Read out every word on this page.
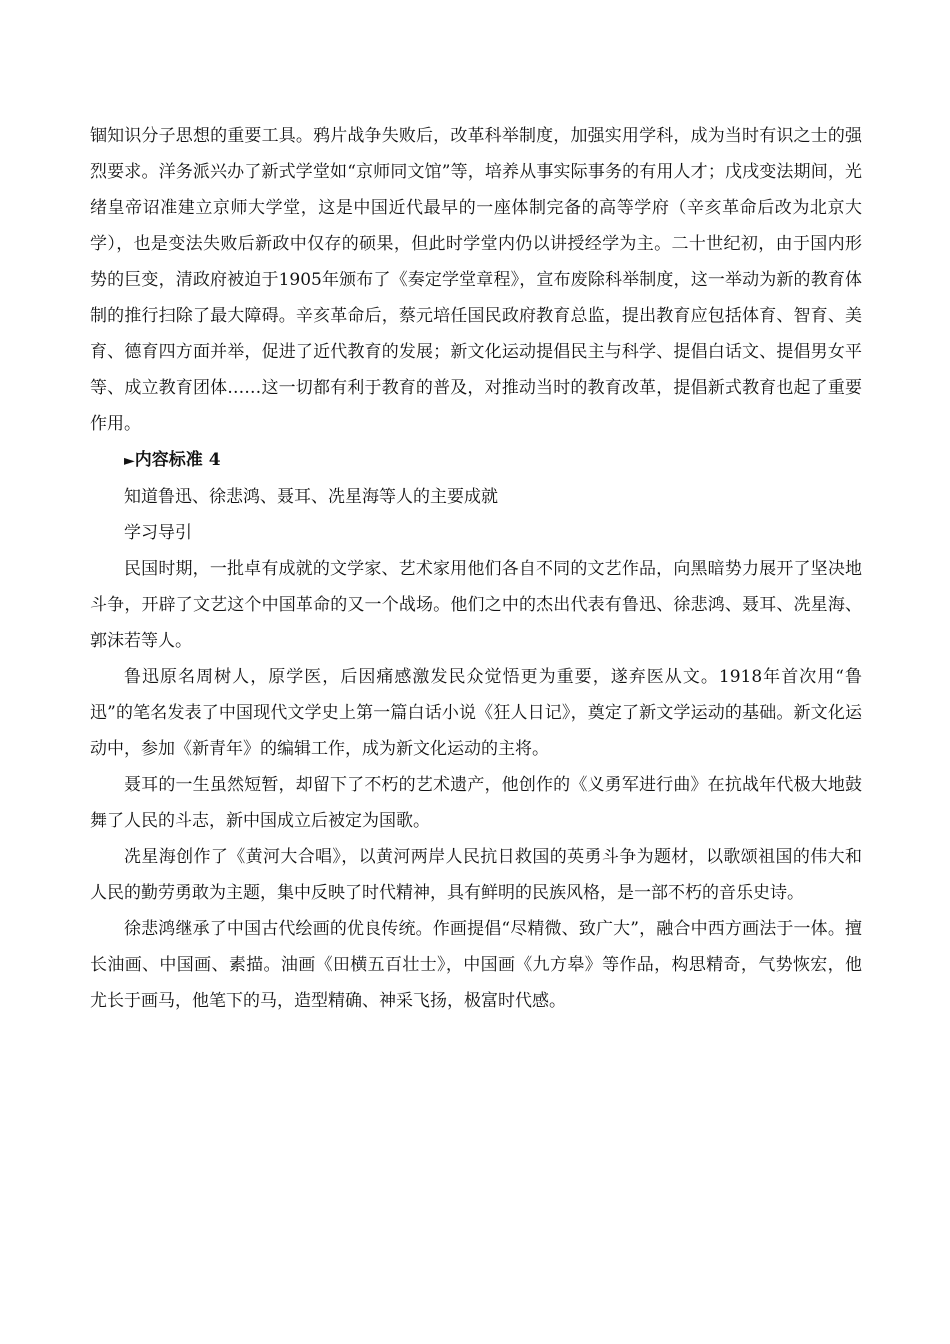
锢知识分子思想的重要工具。鸦片战争失败后，改革科举制度，加强实用学科，成为当时有识之士的强烈要求。洋务派兴办了新式学堂如“京师同文馆”等，培养从事实际事务的有用人才；戊戌变法期间，光绪皇帝诏准建立京师大学堂，这是中国近代最早的一座体制完备的高等学府（辛亥革命后改为北京大学），也是变法失败后新政中仅存的硕果，但此时学堂内仍以讲授经学为主。二十世纪初，由于国内形势的巨变，清政府被迫于1905年颁布了《奏定学堂章程》，宣布废除科举制度，这一举动为新的教育体制的推行扫除了最大障碍。辛亥革命后，蔡元培任国民政府教育总监，提出教育应包括体育、智育、美育、德育四方面并举，促进了近代教育的发展；新文化运动提倡民主与科学、提倡白话文、提倡男女平等、成立教育团体……这一切都有利于教育的普及，对推动当时的教育改革，提倡新式教育也起了重要作用。

►内容标准 4

知道鲁迅、徐悲鸿、聂耳、冼星海等人的主要成就

学习导引

民国时期，一批卓有成就的文学家、艺术家用他们各自不同的文艺作品，向黑暗势力展开了坚决地斗争，开辟了文艺这个中国革命的又一个战场。他们之中的杰出代表有鲁迅、徐悲鸿、聂耳、冼星海、郭沫若等人。

鲁迅原名周树人，原学医，后因痛感激发民众觉悟更为重要，遂弃医从文。1918年首次用“鲁迅”的笔名发表了中国现代文学史上第一篇白话小说《狂人日记》，奠定了新文学运动的基础。新文化运动中，参加《新青年》的编辑工作，成为新文化运动的主将。

聂耳的一生虽然短暂，却留下了不朽的艺术遗产，他创作的《义勇军进行曲》在抗战年代极大地鼓舞了人民的斗志，新中国成立后被定为国歌。

冼星海创作了《黄河大合唱》，以黄河两岸人民抗日救国的英勇斗争为题材，以歌颂祖国的伟大和人民的勤劳勇敢为主题，集中反映了时代精神，具有鲜明的民族风格，是一部不朽的音乐史诗。

徐悲鸿继承了中国古代绘画的优良传统。作画提倡“尽精微、致广大”，融合中西方画法于一体。擅长油画、中国画、素描。油画《田横五百壮士》，中国画《九方皋》等作品，构思精奇，气势恢宏，他尤长于画马，他笔下的马，造型精确、神采飞扬，极富时代感。
